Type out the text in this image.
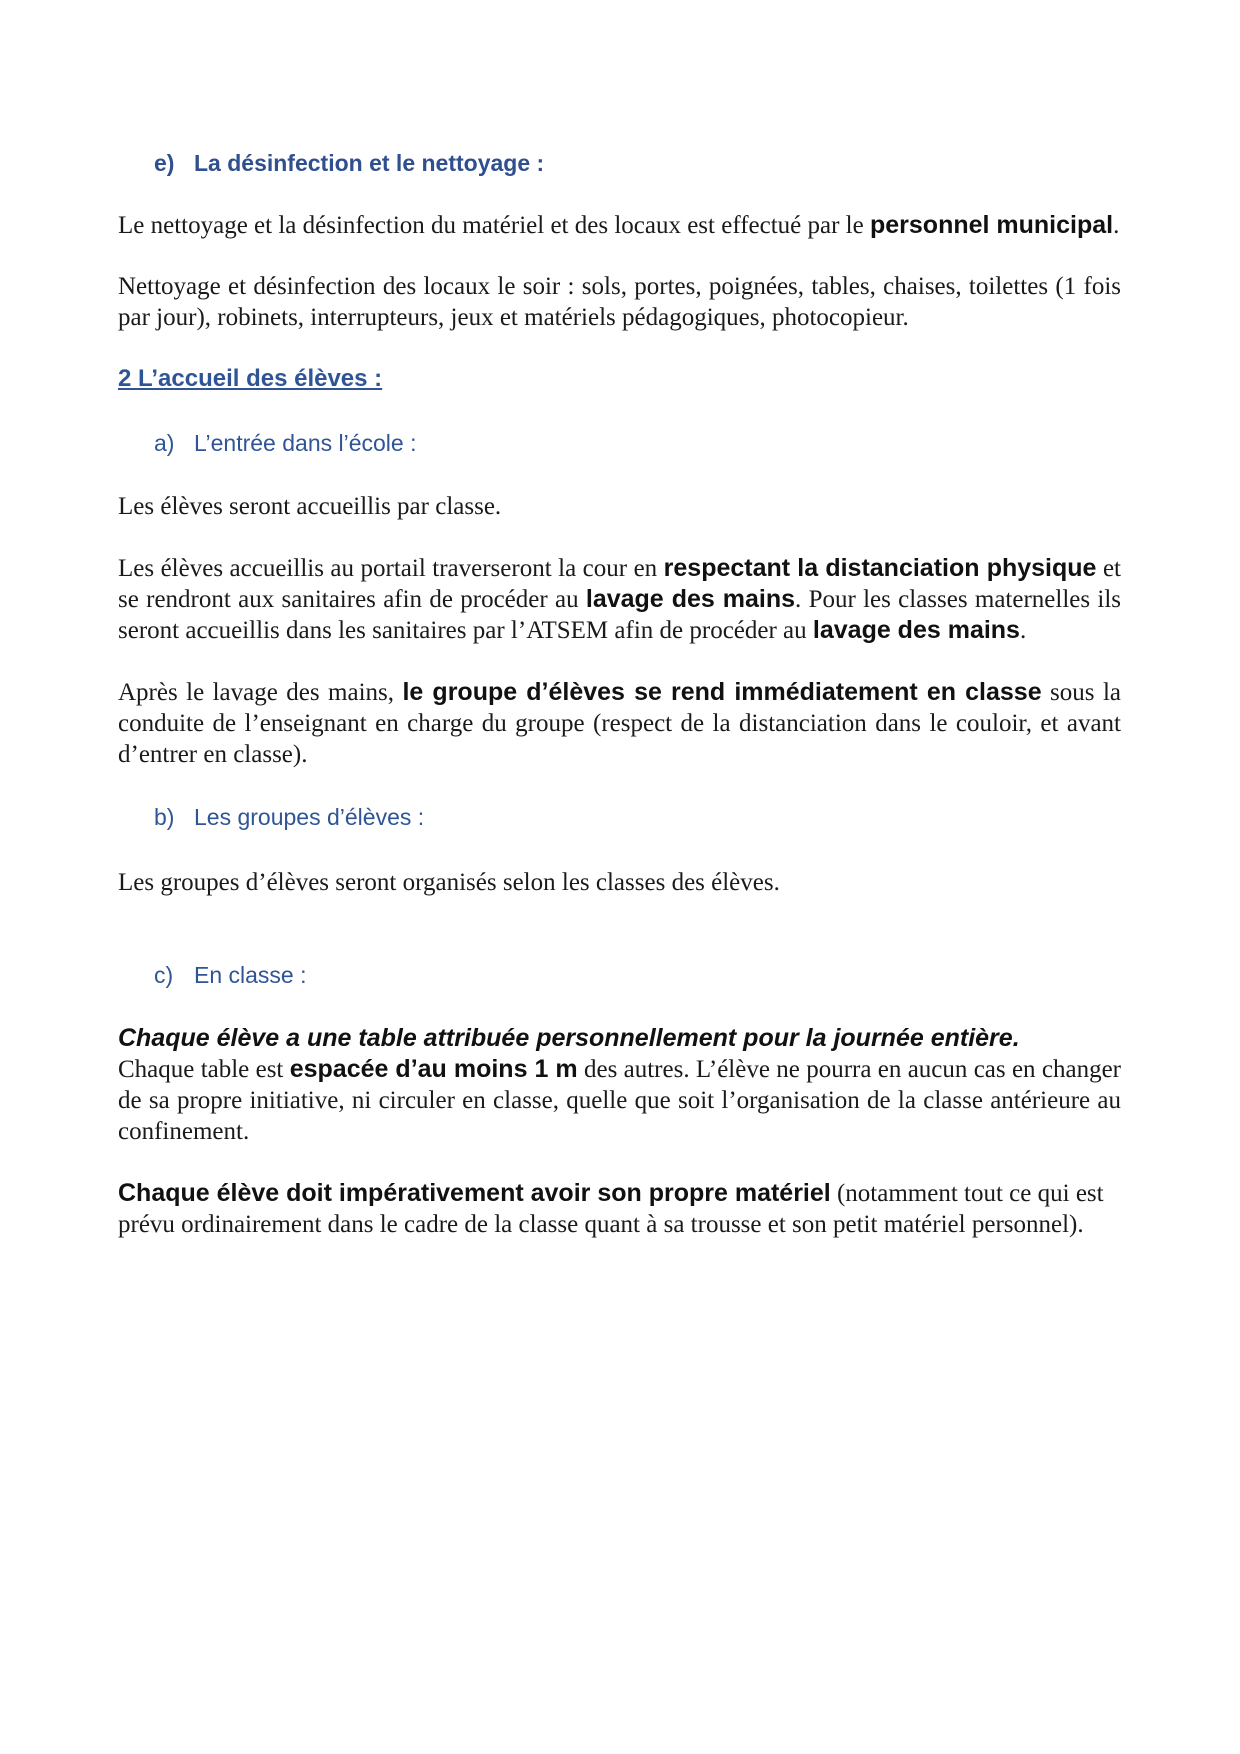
e) La désinfection et le nettoyage :

Le nettoyage et la désinfection du matériel et des locaux est effectué par le personnel municipal.

Nettoyage et désinfection des locaux le soir : sols, portes, poignées, tables, chaises, toilettes (1 fois par jour), robinets, interrupteurs, jeux et matériels pédagogiques, photocopieur.

2 L’accueil des élèves :
a) L’entrée dans l’école :

Les élèves seront accueillis par classe.

Les élèves accueillis au portail traverseront la cour en respectant la distanciation physique et se rendront aux sanitaires afin de procéder au lavage des mains. Pour les classes maternelles ils seront accueillis dans les sanitaires par l’ATSEM afin de procéder au lavage des mains.

Après le lavage des mains, le groupe d’élèves se rend immédiatement en classe sous la conduite de l’enseignant en charge du groupe (respect de la distanciation dans le couloir, et avant d’entrer en classe).

b) Les groupes d’élèves :

Les groupes d’élèves seront organisés selon les classes des élèves.

c) En classe :

Chaque élève a une table attribuée personnellement pour la journée entière.
Chaque table est espacée d’au moins 1 m des autres. L’élève ne pourra en aucun cas en changer de sa propre initiative, ni circuler en classe, quelle que soit l’organisation de la classe antérieure au confinement.

Chaque élève doit impérativement avoir son propre matériel (notamment tout ce qui est prévu ordinairement dans le cadre de la classe quant à sa trousse et son petit matériel personnel).
